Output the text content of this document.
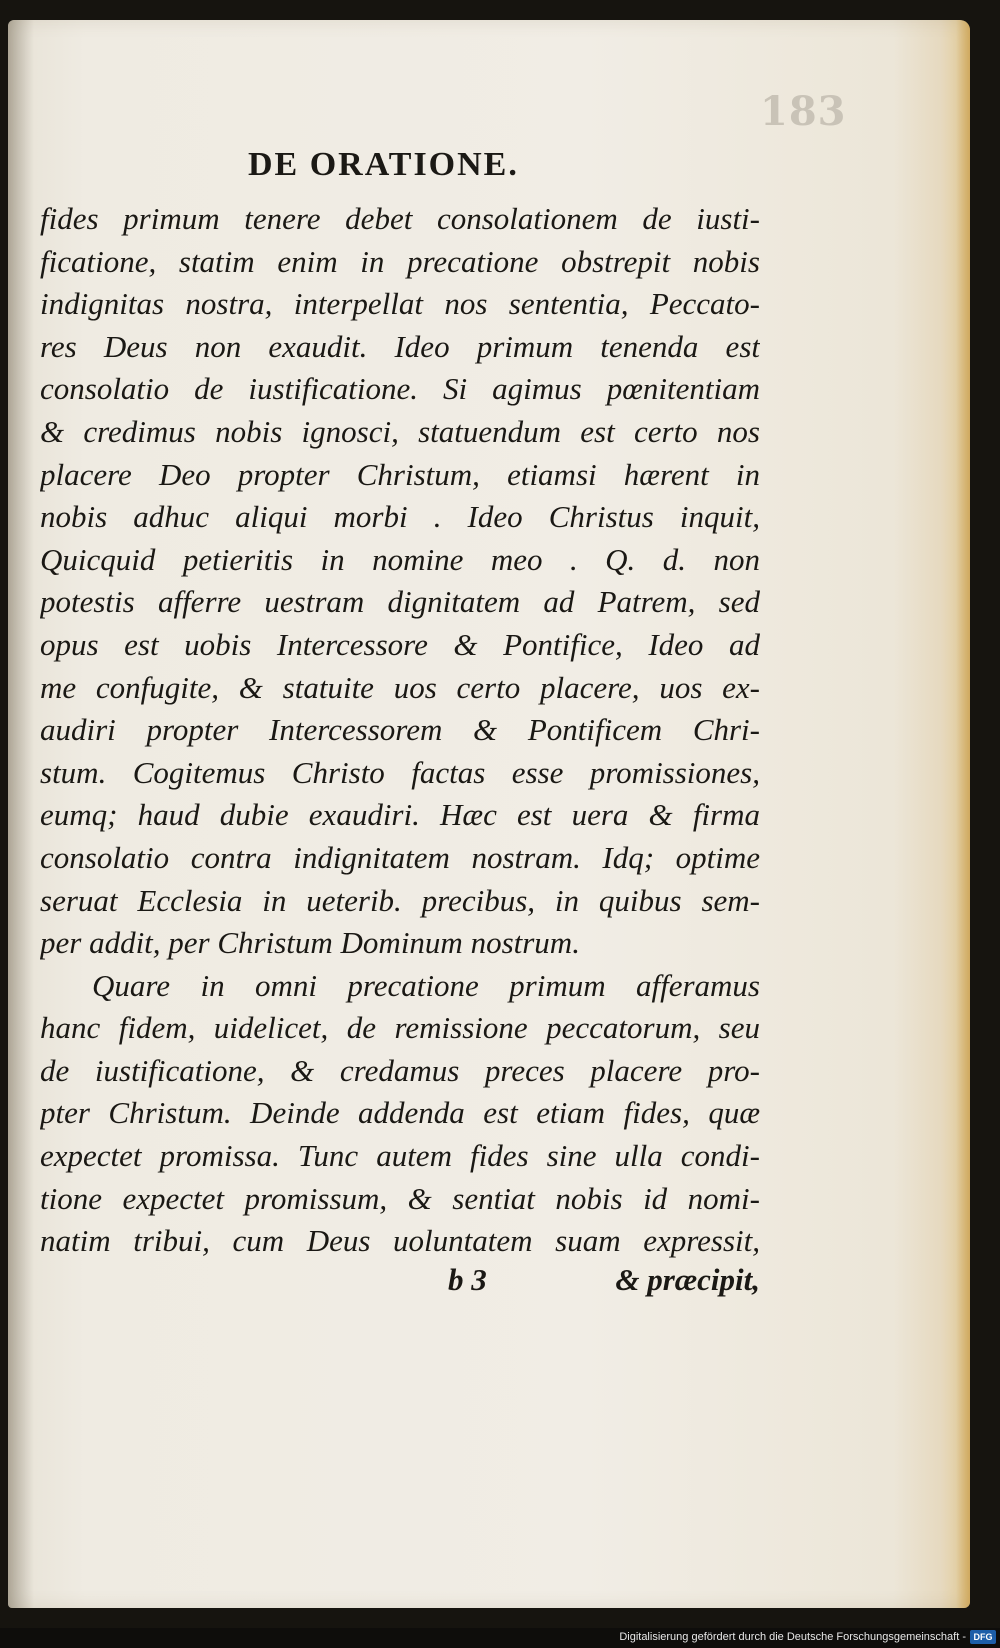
183
DE ORATIONE.
fides primum tenere debet consolationem de iusti-
ficatione, statim enim in precatione obstrepit nobis
indignitas nostra, interpellat nos sententia, Peccato-
res Deus non exaudit. Ideo primum tenenda est
consolatio de iustificatione. Si agimus pœnitentiam
& credimus nobis ignosci, statuendum est certo nos
placere Deo propter Christum, etiamsi hærent in
nobis adhuc aliqui morbi . Ideo Christus inquit,
Quicquid petieritis in nomine meo . Q. d. non
potestis afferre uestram dignitatem ad Patrem, sed
opus est uobis Intercessore & Pontifice, Ideo ad
me confugite, & statuite uos certo placere, uos ex-
audiri propter Intercessorem & Pontificem Chri-
stum. Cogitemus Christo factas esse promissiones,
eumq; haud dubie exaudiri. Hæc est uera & firma
consolatio contra indignitatem nostram. Idq; optime
seruat Ecclesia in ueterib. precibus, in quibus sem-
per addit, per Christum Dominum nostrum.
Quare in omni precatione primum afferamus
hanc fidem, uidelicet, de remissione peccatorum, seu
de iustificatione, & credamus preces placere pro-
pter Christum. Deinde addenda est etiam fides, quæ
expectet promissa. Tunc autem fides sine ulla condi-
tione expectet promissum, & sentiat nobis id nomi-
natim tribui, cum Deus uoluntatem suam expressit,
b 3	& præcipit,
Digitalisierung gefördert durch die Deutsche Forschungsgemeinschaft - DFG
